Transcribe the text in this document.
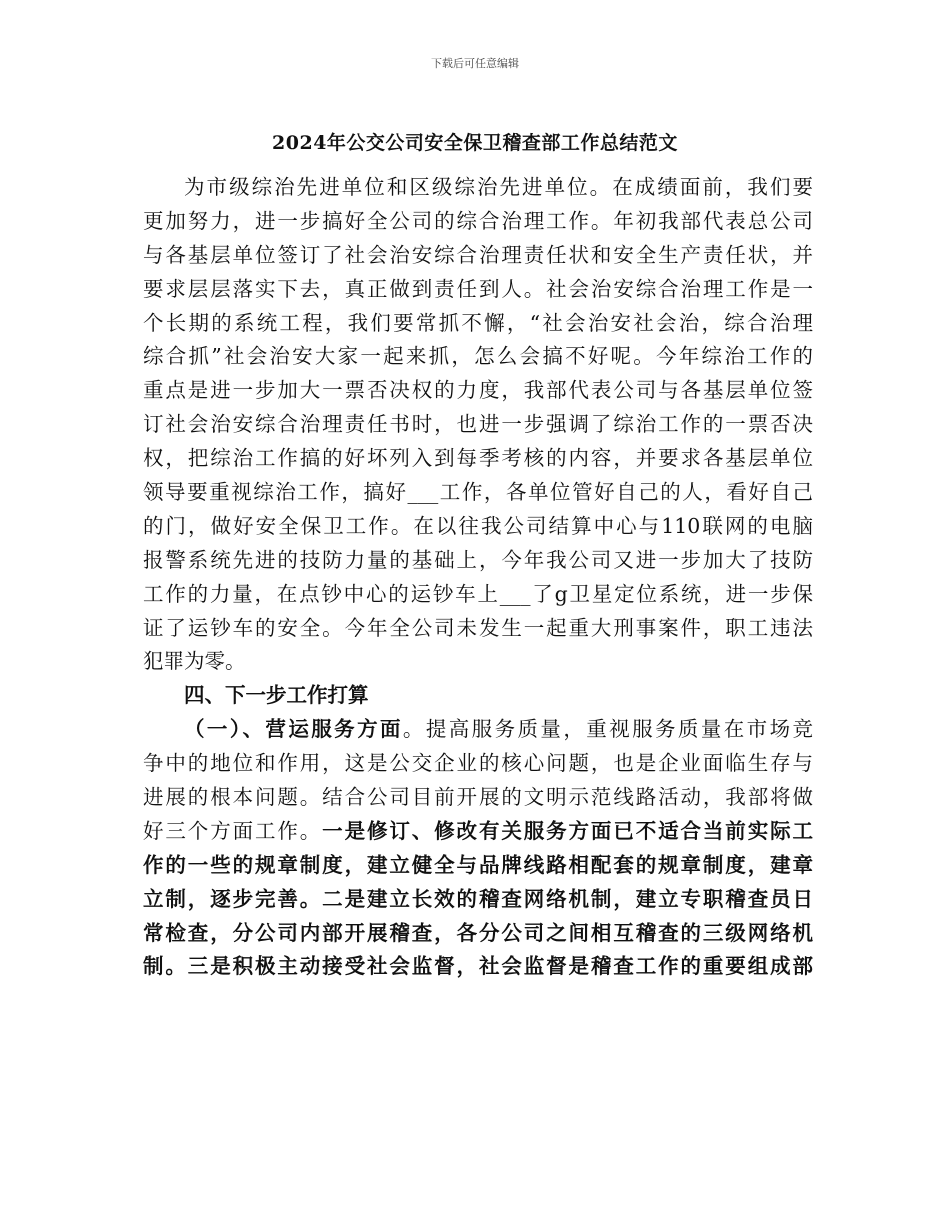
下载后可任意编辑
2024年公交公司安全保卫稽查部工作总结范文
为市级综治先进单位和区级综治先进单位。在成绩面前，我们要
更加努力，进一步搞好全公司的综合治理工作。年初我部代表总公司
与各基层单位签订了社会治安综合治理责任状和安全生产责任状，并
要求层层落实下去，真正做到责任到人。社会治安综合治理工作是一
个长期的系统工程，我们要常抓不懈，“社会治安社会治，综合治理
综合抓”社会治安大家一起来抓，怎么会搞不好呢。今年综治工作的
重点是进一步加大一票否决权的力度，我部代表公司与各基层单位签
订社会治安综合治理责任书时，也进一步强调了综治工作的一票否决
权，把综治工作搞的好坏列入到每季考核的内容，并要求各基层单位
领导要重视综治工作，搞好___工作，各单位管好自己的人，看好自己
的门，做好安全保卫工作。在以往我公司结算中心与110联网的电脑
报警系统先进的技防力量的基础上，今年我公司又进一步加大了技防
工作的力量，在点钞中心的运钞车上___了g卫星定位系统，进一步保
证了运钞车的安全。今年全公司未发生一起重大刑事案件，职工违法
犯罪为零。
四、下一步工作打算
（一）、营运服务方面。提高服务质量，重视服务质量在市场竞
争中的地位和作用，这是公交企业的核心问题，也是企业面临生存与
进展的根本问题。结合公司目前开展的文明示范线路活动，我部将做
好三个方面工作。一是修订、修改有关服务方面已不适合当前实际工
作的一些的规章制度，建立健全与品牌线路相配套的规章制度，建章
立制，逐步完善。二是建立长效的稽查网络机制，建立专职稽查员日
常检查，分公司内部开展稽查，各分公司之间相互稽查的三级网络机
制。三是积极主动接受社会监督，社会监督是稽查工作的重要组成部
